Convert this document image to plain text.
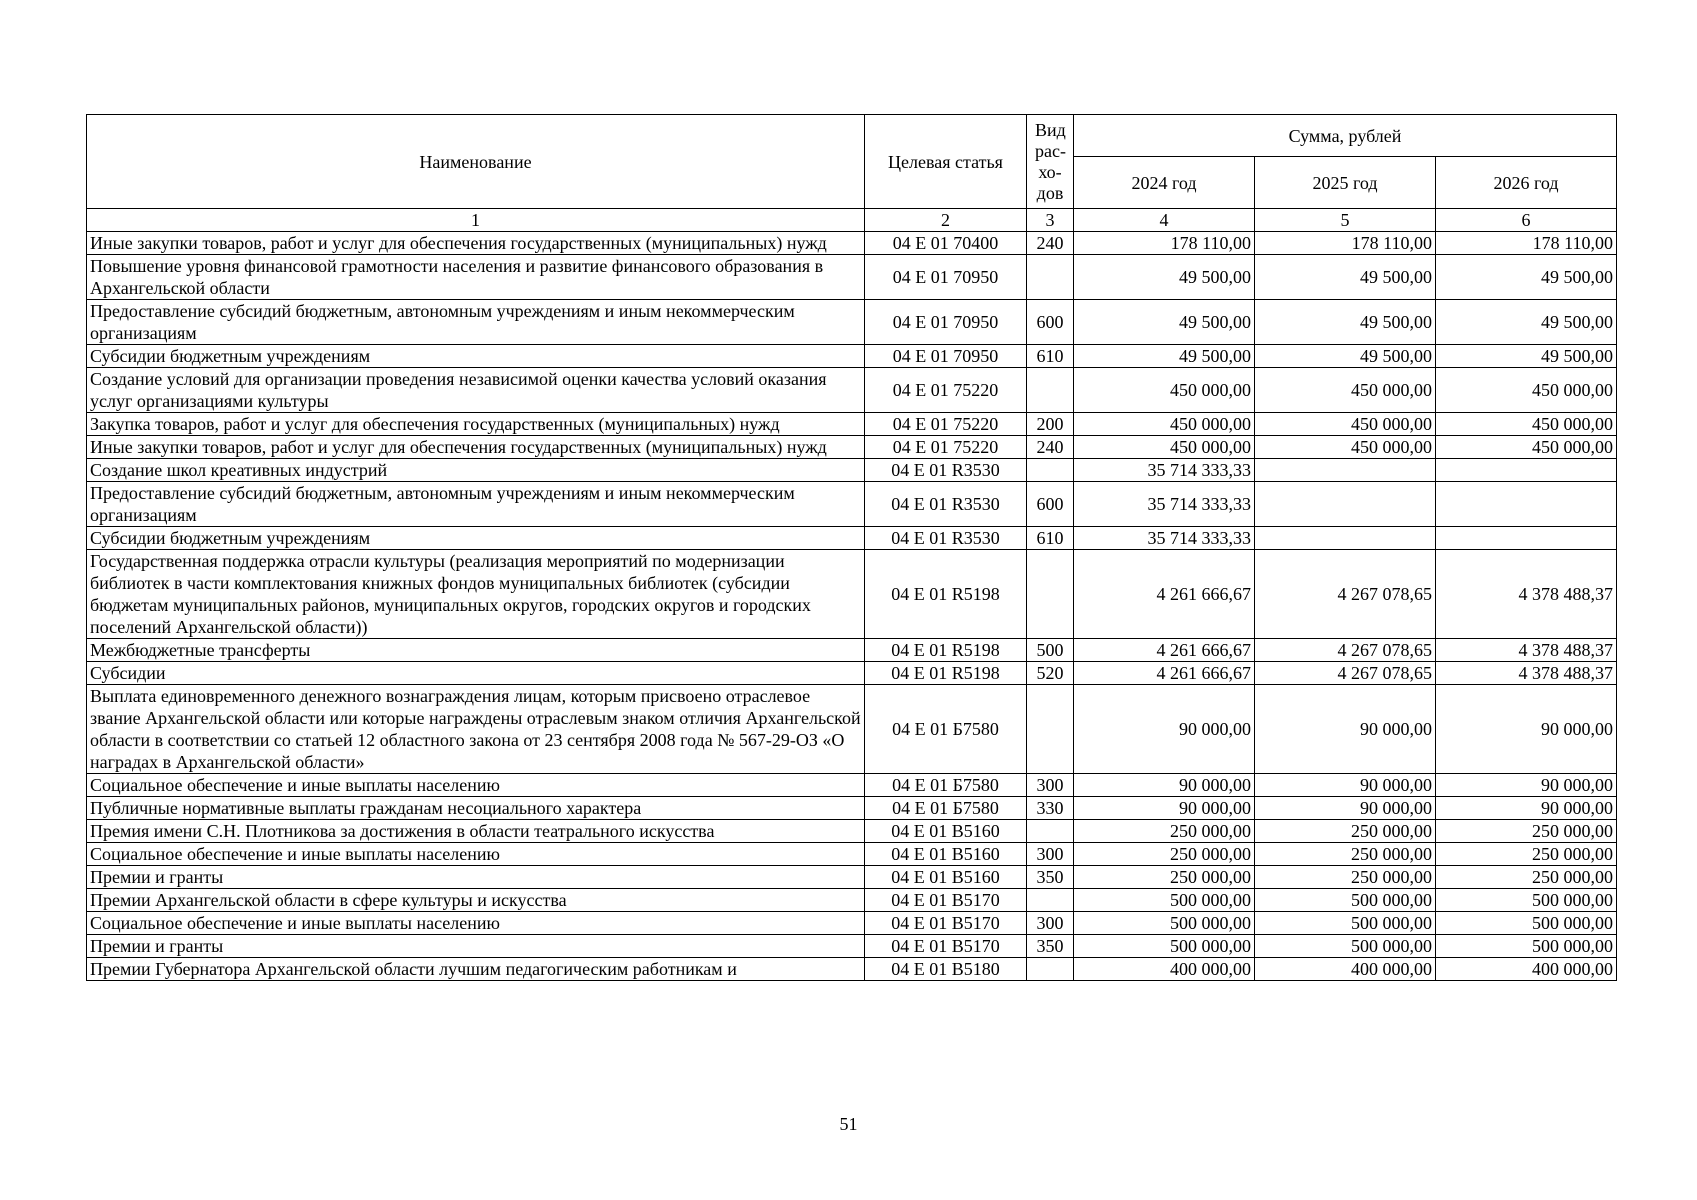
Наименование	Целевая статья	Вид рас-хо-дов	Сумма, рублей		
			2024 год	2025 год	2026 год
1	2	3	4	5	6
Иные закупки товаров, работ и услуг для обеспечения государственных (муниципальных) нужд	04 Е 01 70400	240	178 110,00	178 110,00	178 110,00
Повышение уровня финансовой грамотности населения и развитие финансового образования в Архангельской области	04 Е 01 70950		49 500,00	49 500,00	49 500,00
Предоставление субсидий бюджетным, автономным учреждениям и иным некоммерческим организациям	04 Е 01 70950	600	49 500,00	49 500,00	49 500,00
Субсидии бюджетным учреждениям	04 Е 01 70950	610	49 500,00	49 500,00	49 500,00
Создание условий для организации проведения независимой оценки качества условий оказания услуг организациями культуры	04 Е 01 75220		450 000,00	450 000,00	450 000,00
Закупка товаров, работ и услуг для обеспечения государственных (муниципальных) нужд	04 Е 01 75220	200	450 000,00	450 000,00	450 000,00
Иные закупки товаров, работ и услуг для обеспечения государственных (муниципальных) нужд	04 Е 01 75220	240	450 000,00	450 000,00	450 000,00
Создание школ креативных индустрий	04 Е 01 R3530		35 714 333,33		
Предоставление субсидий бюджетным, автономным учреждениям и иным некоммерческим организациям	04 Е 01 R3530	600	35 714 333,33		
Субсидии бюджетным учреждениям	04 Е 01 R3530	610	35 714 333,33		
Государственная поддержка отрасли культуры (реализация мероприятий по модернизации библиотек в части комплектования книжных фондов муниципальных библиотек (субсидии бюджетам муниципальных районов, муниципальных округов, городских округов и городских поселений Архангельской области))	04 Е 01 R5198		4 261 666,67	4 267 078,65	4 378 488,37
Межбюджетные трансферты	04 Е 01 R5198	500	4 261 666,67	4 267 078,65	4 378 488,37
Субсидии	04 Е 01 R5198	520	4 261 666,67	4 267 078,65	4 378 488,37
Выплата единовременного денежного вознаграждения лицам, которым присвоено отраслевое звание Архангельской области или которые награждены отраслевым знаком отличия Архангельской области в соответствии со статьей 12 областного закона от 23 сентября 2008 года № 567-29-ОЗ «О наградах в Архангельской области»	04 Е 01 Б7580		90 000,00	90 000,00	90 000,00
Социальное обеспечение и иные выплаты населению	04 Е 01 Б7580	300	90 000,00	90 000,00	90 000,00
Публичные нормативные выплаты гражданам несоциального характера	04 Е 01 Б7580	330	90 000,00	90 000,00	90 000,00
Премия имени С.Н. Плотникова за достижения в области театрального искусства	04 Е 01 В5160		250 000,00	250 000,00	250 000,00
Социальное обеспечение и иные выплаты населению	04 Е 01 В5160	300	250 000,00	250 000,00	250 000,00
Премии и гранты	04 Е 01 В5160	350	250 000,00	250 000,00	250 000,00
Премии Архангельской области в сфере культуры и искусства	04 Е 01 В5170		500 000,00	500 000,00	500 000,00
Социальное обеспечение и иные выплаты населению	04 Е 01 В5170	300	500 000,00	500 000,00	500 000,00
Премии и гранты	04 Е 01 В5170	350	500 000,00	500 000,00	500 000,00
Премии Губернатора Архангельской области лучшим педагогическим работникам и	04 Е 01 В5180		400 000,00	400 000,00	400 000,00
51
